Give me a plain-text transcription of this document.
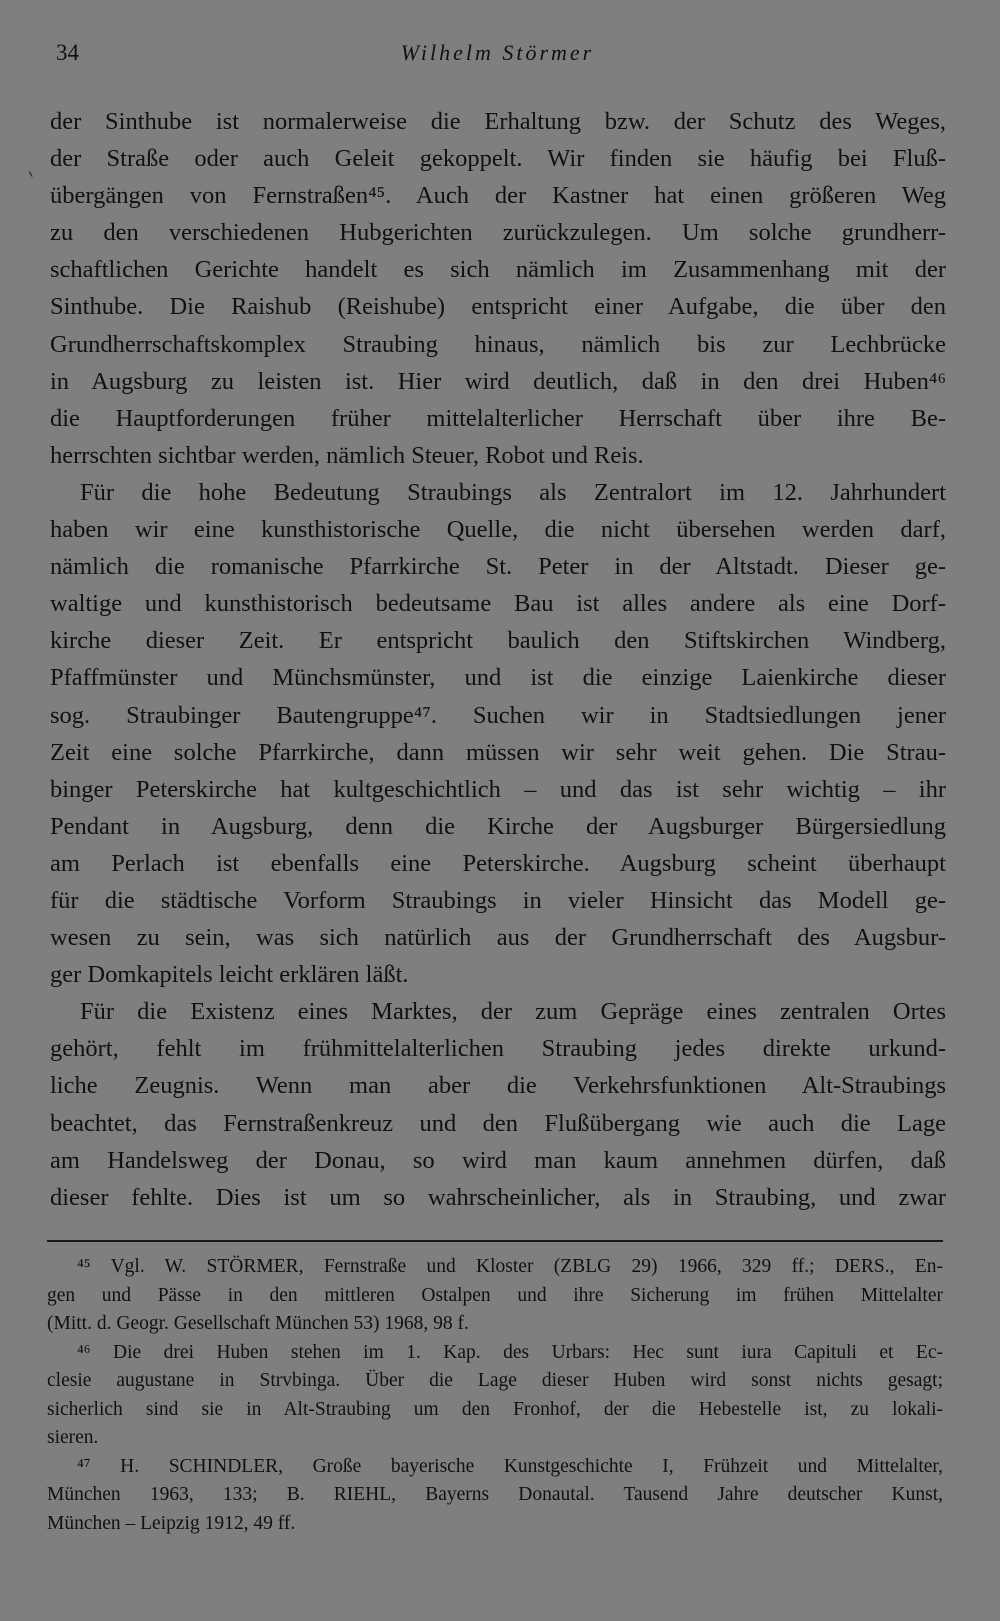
34	Wilhelm Störmer
der Sinthube ist normalerweise die Erhaltung bzw. der Schutz des Weges,
der Straße oder auch Geleit gekoppelt. Wir finden sie häufig bei Fluß-
übergängen von Fernstraßen⁴⁵. Auch der Kastner hat einen größeren Weg
zu den verschiedenen Hubgerichten zurückzulegen. Um solche grundherr-
schaftlichen Gerichte handelt es sich nämlich im Zusammenhang mit der
Sinthube. Die Raishub (Reishube) entspricht einer Aufgabe, die über den
Grundherrschaftskomplex Straubing hinaus, nämlich bis zur Lechbrücke
in Augsburg zu leisten ist. Hier wird deutlich, daß in den drei Huben⁴⁶
die Hauptforderungen früher mittelalterlicher Herrschaft über ihre Be-
herrschten sichtbar werden, nämlich Steuer, Robot und Reis.
Für die hohe Bedeutung Straubings als Zentralort im 12. Jahrhundert
haben wir eine kunsthistorische Quelle, die nicht übersehen werden darf,
nämlich die romanische Pfarrkirche St. Peter in der Altstadt. Dieser ge-
waltige und kunsthistorisch bedeutsame Bau ist alles andere als eine Dorf-
kirche dieser Zeit. Er entspricht baulich den Stiftskirchen Windberg,
Pfaffmünster und Münchsmünster, und ist die einzige Laienkirche dieser
sog. Straubinger Bautengruppe⁴⁷. Suchen wir in Stadtsiedlungen jener
Zeit eine solche Pfarrkirche, dann müssen wir sehr weit gehen. Die Strau-
binger Peterskirche hat kultgeschichtlich – und das ist sehr wichtig – ihr
Pendant in Augsburg, denn die Kirche der Augsburger Bürgersiedlung
am Perlach ist ebenfalls eine Peterskirche. Augsburg scheint überhaupt
für die städtische Vorform Straubings in vieler Hinsicht das Modell ge-
wesen zu sein, was sich natürlich aus der Grundherrschaft des Augsbur-
ger Domkapitels leicht erklären läßt.
Für die Existenz eines Marktes, der zum Gepräge eines zentralen Ortes
gehört, fehlt im frühmittelalterlichen Straubing jedes direkte urkund-
liche Zeugnis. Wenn man aber die Verkehrsfunktionen Alt-Straubings
beachtet, das Fernstraßenkreuz und den Flußübergang wie auch die Lage
am Handelsweg der Donau, so wird man kaum annehmen dürfen, daß
dieser fehlte. Dies ist um so wahrscheinlicher, als in Straubing, und zwar
⁴⁵ Vgl. W. STÖRMER, Fernstraße und Kloster (ZBLG 29) 1966, 329 ff.; DERS., En-
gen und Pässe in den mittleren Ostalpen und ihre Sicherung im frühen Mittelalter
(Mitt. d. Geogr. Gesellschaft München 53) 1968, 98 f.
⁴⁶ Die drei Huben stehen im 1. Kap. des Urbars: Hec sunt iura Capituli et Ec-
clesie augustane in Strvbinga. Über die Lage dieser Huben wird sonst nichts gesagt;
sicherlich sind sie in Alt-Straubing um den Fronhof, der die Hebestelle ist, zu lokali-
sieren.
⁴⁷ H. SCHINDLER, Große bayerische Kunstgeschichte I, Frühzeit und Mittelalter,
München 1963, 133; B. RIEHL, Bayerns Donautal. Tausend Jahre deutscher Kunst,
München – Leipzig 1912, 49 ff.
